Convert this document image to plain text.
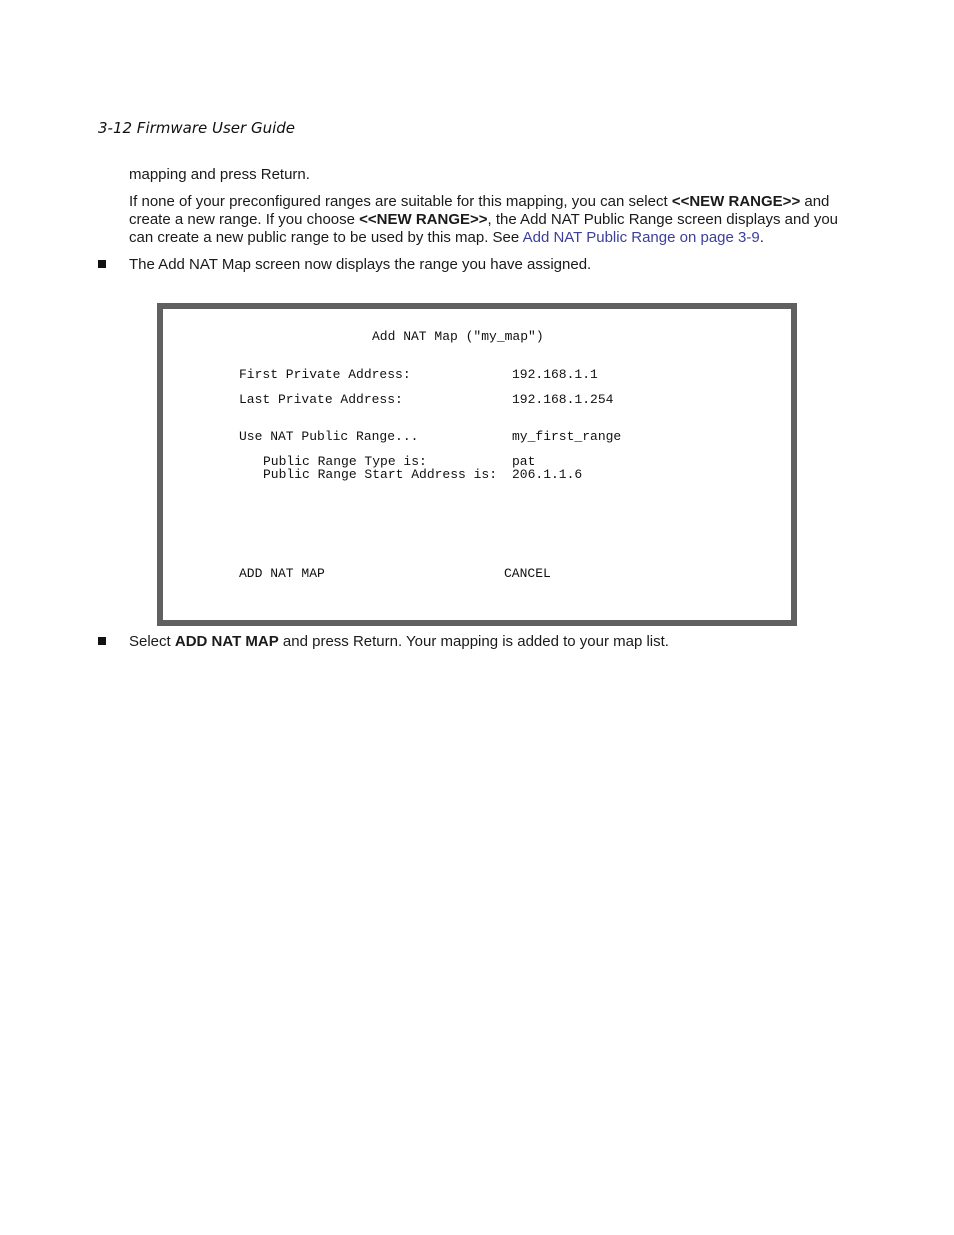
3-12 Firmware User Guide
mapping and press Return.
If none of your preconfigured ranges are suitable for this mapping, you can select <<NEW RANGE>> and create a new range. If you choose <<NEW RANGE>>, the Add NAT Public Range screen displays and you can create a new public range to be used by this map. See Add NAT Public Range on page 3-9.
The Add NAT Map screen now displays the range you have assigned.
Add NAT Map ("my_map")
First Private Address:	192.168.1.1
Last Private Address:	192.168.1.254
Use NAT Public Range...	my_first_range
Public Range Type is:	pat
Public Range Start Address is: 206.1.1.6
ADD NAT MAP	CANCEL
Select ADD NAT MAP and press Return. Your mapping is added to your map list.
